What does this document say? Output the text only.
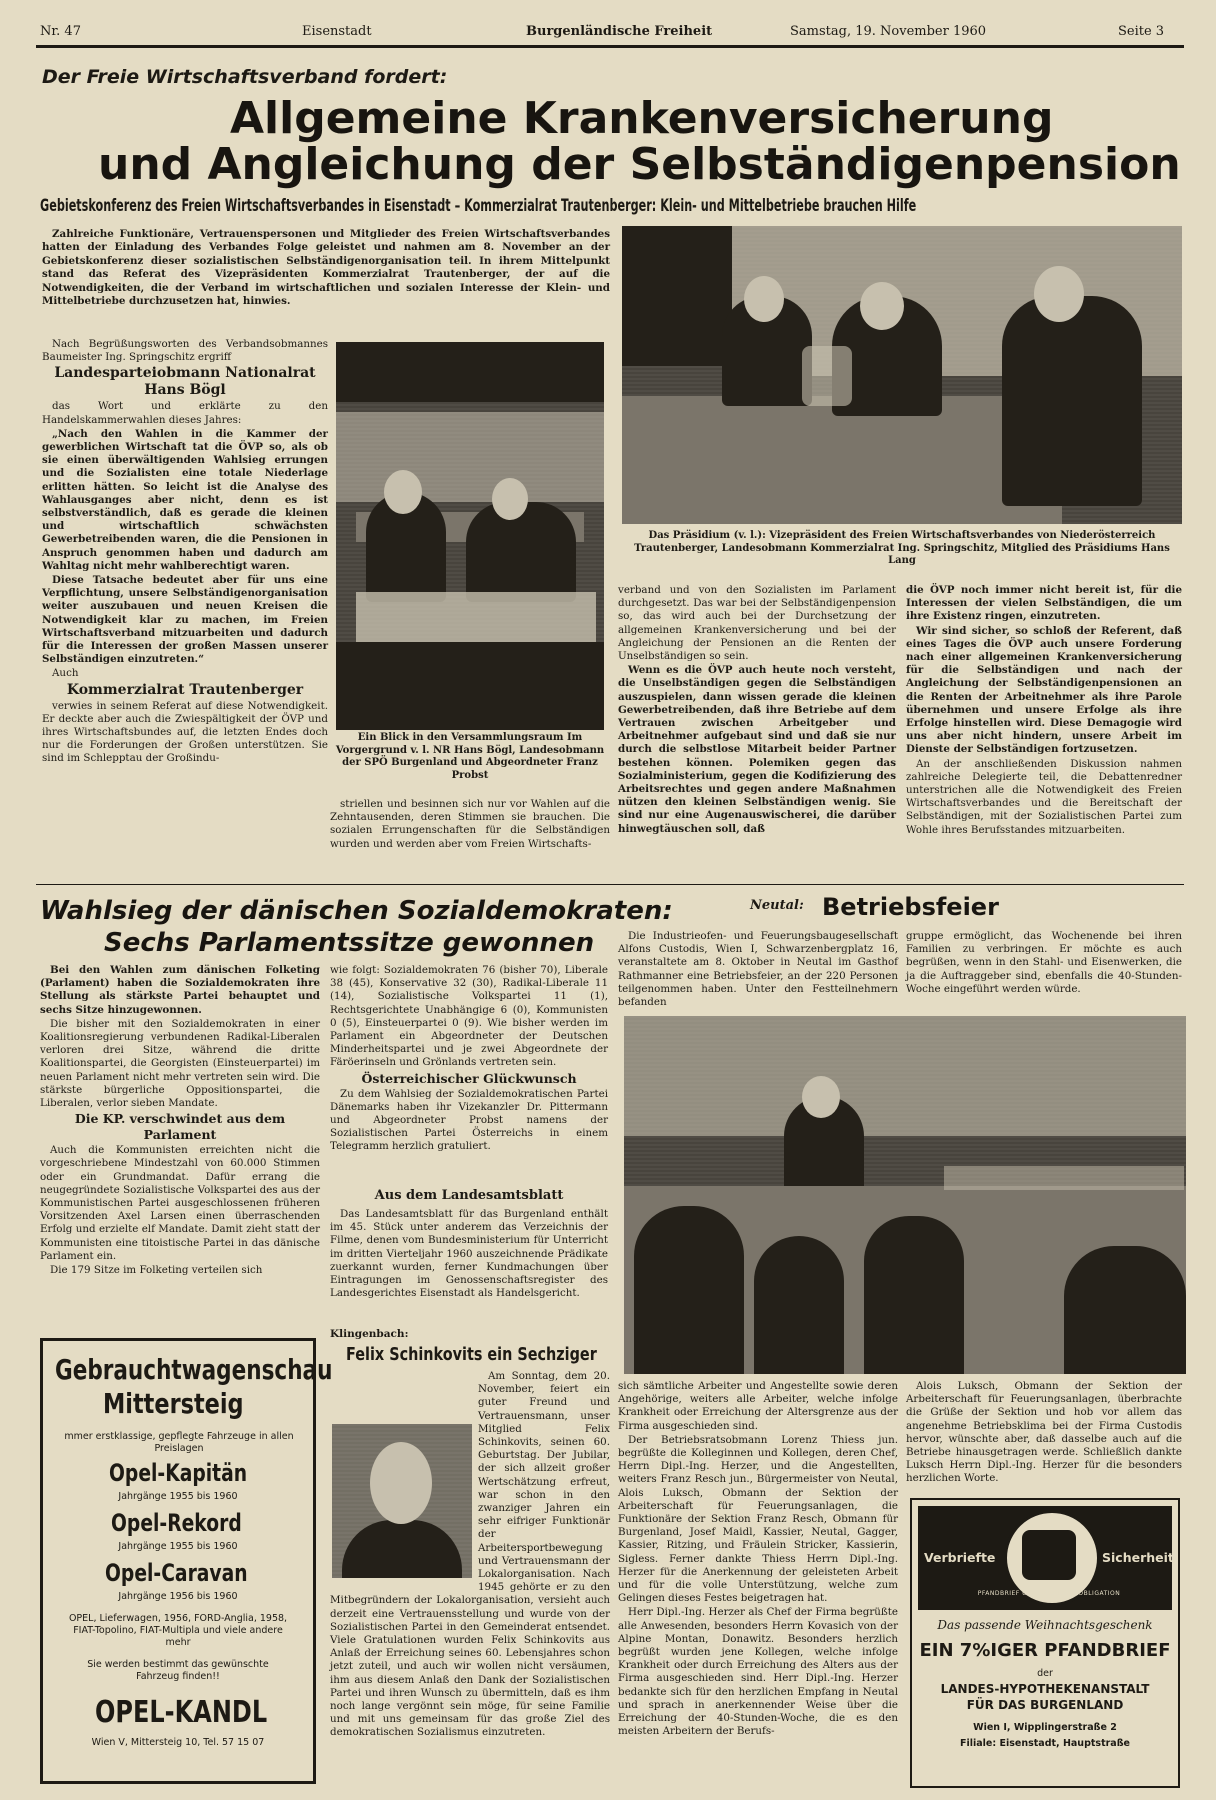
Nr. 47	Eisenstadt	Burgenländische Freiheit	Samstag, 19. November 1960	Seite 3
Der Freie Wirtschaftsverband fordert:
Allgemeine Krankenversicherung
und Angleichung der Selbständigenpension
Gebietskonferenz des Freien Wirtschaftsverbandes in Eisenstadt – Kommerzialrat Trautenberger: Klein- und Mittelbetriebe brauchen Hilfe

Zahlreiche Funktionäre, Vertrauenspersonen und Mitglieder des Freien Wirtschaftsverbandes hatten der Einladung des Verbandes Folge geleistet und nahmen am 8. November an der Gebietskonferenz dieser sozialistischen Selbständigenorganisation teil. In ihrem Mittelpunkt stand das Referat des Vizepräsidenten Kommerzialrat Trautenberger, der auf die Notwendigkeiten, die der Verband im wirtschaftlichen und sozialen Interesse der Klein- und Mittelbetriebe durchzusetzen hat, hinwies.

Nach Begrüßungsworten des Verbandsobmannes Baumeister Ing. Springschitz ergriff

Landesparteiobmann Nationalrat Hans Bögl

das Wort und erklärte zu den Handelskammerwahlen dieses Jahres:

„Nach den Wahlen in die Kammer der gewerblichen Wirtschaft tat die ÖVP so, als ob sie einen überwältigenden Wahlsieg errungen und die Sozialisten eine totale Niederlage erlitten hätten. So leicht ist die Analyse des Wahlausganges aber nicht, denn es ist selbstverständlich, daß es gerade die kleinen und wirtschaftlich schwächsten Gewerbetreibenden waren, die die Pensionen in Anspruch genommen haben und dadurch am Wahltag nicht mehr wahlberechtigt waren.

Diese Tatsache bedeutet aber für uns eine Verpflichtung, unsere Selbständigenorganisation weiter auszubauen und neuen Kreisen die Notwendigkeit klar zu machen, im Freien Wirtschaftsverband mitzuarbeiten und dadurch für die Interessen der großen Massen unserer Selbständigen einzutreten.“

Auch

Kommerzialrat Trautenberger

verwies in seinem Referat auf diese Notwendigkeit. Er deckte aber auch die Zwiespältigkeit der ÖVP und ihres Wirtschaftsbundes auf, die letzten Endes doch nur die Forderungen der Großen unterstützen. Sie sind im Schlepptau der Großindu-

Ein Blick in den Versammlungsraum Im Vorgergrund v. l. NR Hans Bögl, Landesobmann der SPÖ Burgenland und Abgeordneter Franz Probst

striellen und besinnen sich nur vor Wahlen auf die Zehntausenden, deren Stimmen sie brauchen. Die sozialen Errungenschaften für die Selbständigen wurden und werden aber vom Freien Wirtschafts-

Das Präsidium (v. l.): Vizepräsident des Freien Wirtschaftsverbandes von Niederösterreich Trautenberger, Landesobmann Kommerzialrat Ing. Springschitz, Mitglied des Präsidiums Hans Lang

verband und von den Sozialisten im Parlament durchgesetzt. Das war bei der Selbständigenpension so, das wird auch bei der Durchsetzung der allgemeinen Krankenversicherung und bei der Angleichung der Pensionen an die Renten der Unselbständigen so sein.

Wenn es die ÖVP auch heute noch versteht, die Unselbständigen gegen die Selbständigen auszuspielen, dann wissen gerade die kleinen Gewerbetreibenden, daß ihre Betriebe auf dem Vertrauen zwischen Arbeitgeber und Arbeitnehmer aufgebaut sind und daß sie nur durch die selbstlose Mitarbeit beider Partner bestehen können. Polemiken gegen das Sozialministerium, gegen die Kodifizierung des Arbeitsrechtes und gegen andere Maßnahmen nützen den kleinen Selbständigen wenig. Sie sind nur eine Augenauswischerei, die darüber hinwegtäuschen soll, daß

die ÖVP noch immer nicht bereit ist, für die Interessen der vielen Selbständigen, die um ihre Existenz ringen, einzutreten.

Wir sind sicher, so schloß der Referent, daß eines Tages die ÖVP auch unsere Forderung nach einer allgemeinen Krankenversicherung für die Selbständigen und nach der Angleichung der Selbständigenpensionen an die Renten der Arbeitnehmer als ihre Parole übernehmen und unsere Erfolge als ihre Erfolge hinstellen wird. Diese Demagogie wird uns aber nicht hindern, unsere Arbeit im Dienste der Selbständigen fortzusetzen.

An der anschließenden Diskussion nahmen zahlreiche Delegierte teil, die Debattenredner unterstrichen alle die Notwendigkeit des Freien Wirtschaftsverbandes und die Bereitschaft der Selbständigen, mit der Sozialistischen Partei zum Wohle ihres Berufsstandes mitzuarbeiten.

Wahlsieg der dänischen Sozialdemokraten:
Sechs Parlamentssitze gewonnen

Bei den Wahlen zum dänischen Folketing (Parlament) haben die Sozialdemokraten ihre Stellung als stärkste Partei behauptet und sechs Sitze hinzugewonnen.

Die bisher mit den Sozialdemokraten in einer Koalitionsregierung verbundenen Radikal-Liberalen verloren drei Sitze, während die dritte Koalitionspartei, die Georgisten (Einsteuerpartei) im neuen Parlament nicht mehr vertreten sein wird. Die stärkste bürgerliche Oppositionspartei, die Liberalen, verlor sieben Mandate.

Die KP. verschwindet aus dem Parlament

Auch die Kommunisten erreichten nicht die vorgeschriebene Mindestzahl von 60.000 Stimmen oder ein Grundmandat. Dafür errang die neugegründete Sozialistische Volkspartei des aus der Kommunistischen Partei ausgeschlossenen früheren Vorsitzenden Axel Larsen einen überraschenden Erfolg und erzielte elf Mandate. Damit zieht statt der Kommunisten eine titoistische Partei in das dänische Parlament ein.

Die 179 Sitze im Folketing verteilen sich

wie folgt: Sozialdemokraten 76 (bisher 70), Liberale 38 (45), Konservative 32 (30), Radikal-Liberale 11 (14), Sozialistische Volkspartei 11 (1), Rechtsgerichtete Unabhängige 6 (0), Kommunisten 0 (5), Einsteuerpartei 0 (9). Wie bisher werden im Parlament ein Abgeordneter der Deutschen Minderheitspartei und je zwei Abgeordnete der Färöerinseln und Grönlands vertreten sein.

Österreichischer Glückwunsch

Zu dem Wahlsieg der Sozialdemokratischen Partei Dänemarks haben ihr Vizekanzler Dr. Pittermann und Abgeordneter Probst namens der Sozialistischen Partei Österreichs in einem Telegramm herzlich gratuliert.

Aus dem Landesamtsblatt

Das Landesamtsblatt für das Burgenland enthält im 45. Stück unter anderem das Verzeichnis der Filme, denen vom Bundesministerium für Unterricht im dritten Vierteljahr 1960 auszeichnende Prädikate zuerkannt wurden, ferner Kundmachungen über Eintragungen im Genossenschaftsregister des Landesgerichtes Eisenstadt als Handelsgericht.

Neutal: Betriebsfeier

Die Industrieofen- und Feuerungsbaugesellschaft Alfons Custodis, Wien I, Schwarzenbergplatz 16, veranstaltete am 8. Oktober in Neutal im Gasthof Rathmanner eine Betriebsfeier, an der 220 Personen teilgenommen haben. Unter den Festteilnehmern befanden

gruppe ermöglicht, das Wochenende bei ihren Familien zu verbringen. Er möchte es auch begrüßen, wenn in den Stahl- und Eisenwerken, die ja die Auftraggeber sind, ebenfalls die 40-Stunden-Woche eingeführt werden würde.

sich sämtliche Arbeiter und Angestellte sowie deren Angehörige, weiters alle Arbeiter, welche infolge Krankheit oder Erreichung der Altersgrenze aus der Firma ausgeschieden sind.

Der Betriebsratsobmann Lorenz Thiess jun. begrüßte die Kolleginnen und Kollegen, deren Chef, Herrn Dipl.-Ing. Herzer, und die Angestellten, weiters Franz Resch jun., Bürgermeister von Neutal, Alois Luksch, Obmann der Sektion der Arbeiterschaft für Feuerungsanlagen, die Funktionäre der Sektion Franz Resch, Obmann für Burgenland, Josef Maidl, Kassier, Neutal, Gagger, Kassier, Ritzing, und Fräulein Stricker, Kassierin, Sigless. Ferner dankte Thiess Herrn Dipl.-Ing. Herzer für die Anerkennung der geleisteten Arbeit und für die volle Unterstützung, welche zum Gelingen dieses Festes beigetragen hat.

Herr Dipl.-Ing. Herzer als Chef der Firma begrüßte alle Anwesenden, besonders Herrn Kovasich von der Alpine Montan, Donawitz. Besonders herzlich begrüßt wurden jene Kollegen, welche infolge Krankheit oder durch Erreichung des Alters aus der Firma ausgeschieden sind. Herr Dipl.-Ing. Herzer bedankte sich für den herzlichen Empfang in Neutal und sprach in anerkennender Weise über die Erreichung der 40-Stunden-Woche, die es den meisten Arbeitern der Berufs-

Alois Luksch, Obmann der Sektion der Arbeiterschaft für Feuerungsanlagen, überbrachte die Grüße der Sektion und hob vor allem das angenehme Betriebsklima bei der Firma Custodis hervor, wünschte aber, daß dasselbe auch auf die Betriebe hinausgetragen werde. Schließlich dankte Luksch Herrn Dipl.-Ing. Herzer für die besonders herzlichen Worte.

Klingenbach:
Felix Schinkovits ein Sechziger

Am Sonntag, dem 20. November, feiert ein guter Freund und Vertrauensmann, unser Mitglied Felix Schinkovits, seinen 60. Geburtstag. Der Jubilar, der sich allzeit großer Wertschätzung erfreut, war schon in den zwanziger Jahren ein sehr eifriger Funktionär der Arbeitersportbewegung und Vertrauensmann der Lokalorganisation. Nach 1945 gehörte er zu den Mitbegründern der Lokalorganisation, versieht auch derzeit eine Vertrauensstellung und wurde von der Sozialistischen Partei in den Gemeinderat entsendet. Viele Gratulationen wurden Felix Schinkovits aus Anlaß der Erreichung seines 60. Lebensjahres schon jetzt zuteil, und auch wir wollen nicht versäumen, ihm aus diesem Anlaß den Dank der Sozialistischen Partei und ihren Wunsch zu übermitteln, daß es ihm noch lange vergönnt sein möge, für seine Familie und mit uns gemeinsam für das große Ziel des demokratischen Sozialismus einzutreten.

Gebrauchtwagenschau
Mittersteig
mmer erstklassige, gepflegte Fahrzeuge in allen Preislagen
Opel-Kapitän
Jahrgänge 1955 bis 1960
Opel-Rekord
Jahrgänge 1955 bis 1960
Opel-Caravan
Jahrgänge 1956 bis 1960
OPEL, Lieferwagen, 1956, FORD-Anglia, 1958, FIAT-Topolino, FIAT-Multipla und viele andere mehr
Sie werden bestimmt das gewünschte Fahrzeug finden!!
OPEL-KANDL
Wien V, Mittersteig 10, Tel. 57 15 07
Verbriefte	Sicherheit
PFANDBRIEF UND KOMMUNALOBLIGATION
Das passende Weihnachtsgeschenk
EIN 7%IGER PFANDBRIEF
der
LANDES-HYPOTHEKENANSTALT
FÜR DAS BURGENLAND
Wien I, Wipplingerstraße 2
Filiale: Eisenstadt, Hauptstraße
